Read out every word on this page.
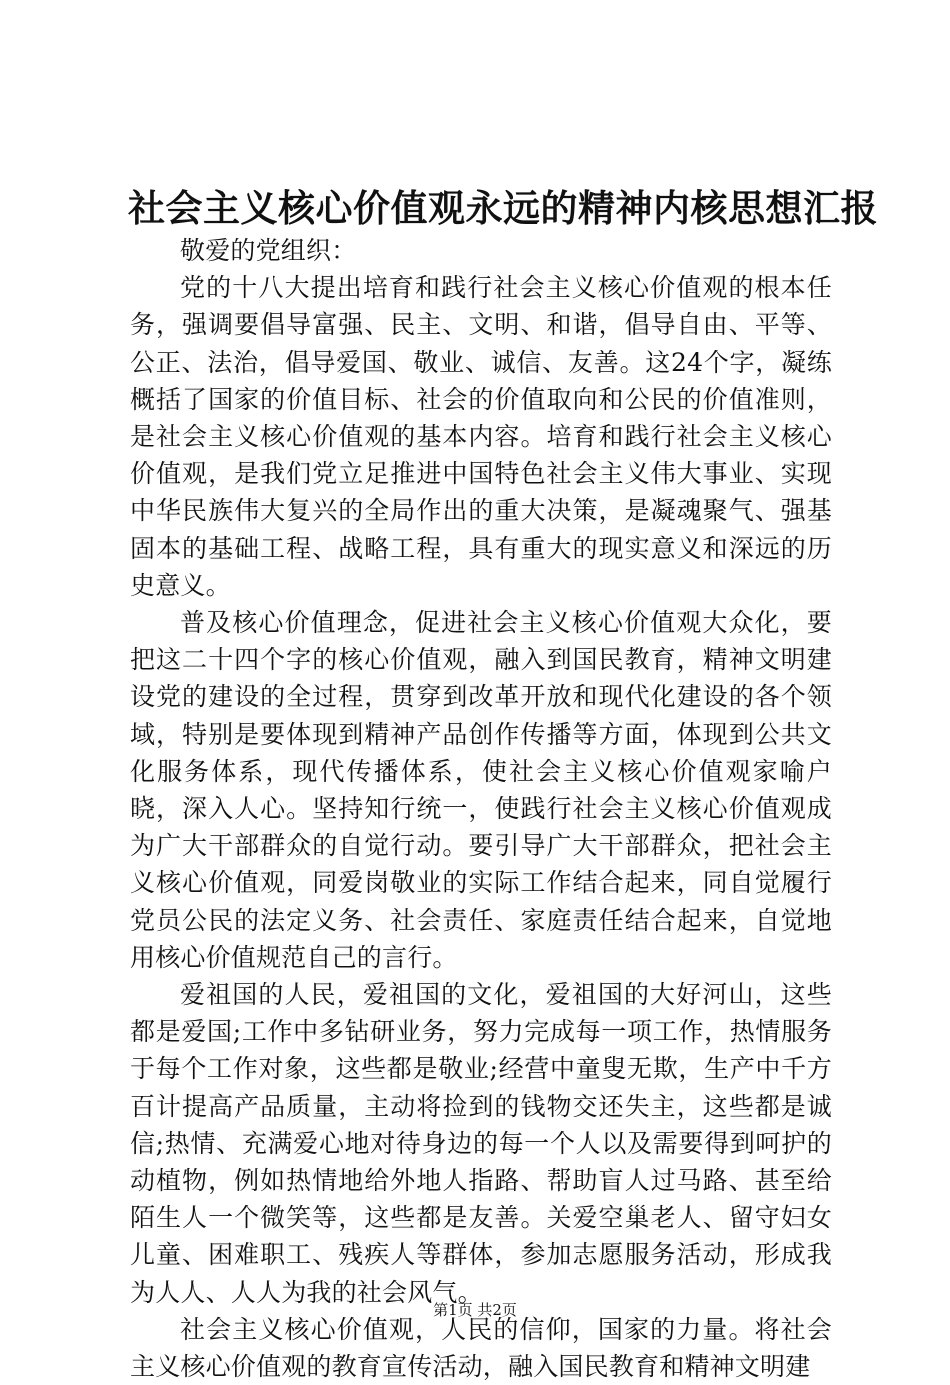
社会主义核心价值观永远的精神内核思想汇报

敬爱的党组织：

党的十八大提出培育和践行社会主义核心价值观的根本任务，强调要倡导富强、民主、文明、和谐，倡导自由、平等、公正、法治，倡导爱国、敬业、诚信、友善。这24个字，凝练概括了国家的价值目标、社会的价值取向和公民的价值准则，是社会主义核心价值观的基本内容。培育和践行社会主义核心价值观，是我们党立足推进中国特色社会主义伟大事业、实现中华民族伟大复兴的全局作出的重大决策，是凝魂聚气、强基固本的基础工程、战略工程，具有重大的现实意义和深远的历史意义。

普及核心价值理念，促进社会主义核心价值观大众化，要把这二十四个字的核心价值观，融入到国民教育，精神文明建设党的建设的全过程，贯穿到改革开放和现代化建设的各个领域，特别是要体现到精神产品创作传播等方面，体现到公共文化服务体系，现代传播体系，使社会主义核心价值观家喻户晓，深入人心。坚持知行统一，使践行社会主义核心价值观成为广大干部群众的自觉行动。要引导广大干部群众，把社会主义核心价值观，同爱岗敬业的实际工作结合起来，同自觉履行党员公民的法定义务、社会责任、家庭责任结合起来，自觉地用核心价值规范自己的言行。

爱祖国的人民，爱祖国的文化，爱祖国的大好河山，这些都是爱国;工作中多钻研业务，努力完成每一项工作，热情服务于每个工作对象，这些都是敬业;经营中童叟无欺，生产中千方百计提高产品质量，主动将捡到的钱物交还失主，这些都是诚信;热情、充满爱心地对待身边的每一个人以及需要得到呵护的动植物，例如热情地给外地人指路、帮助盲人过马路、甚至给陌生人一个微笑等，这些都是友善。关爱空巢老人、留守妇女儿童、困难职工、残疾人等群体，参加志愿服务活动，形成我为人人、人人为我的社会风气。

社会主义核心价值观，人民的信仰，国家的力量。将社会主义核心价值观的教育宣传活动，融入国民教育和精神文明建

第1页 共2页
